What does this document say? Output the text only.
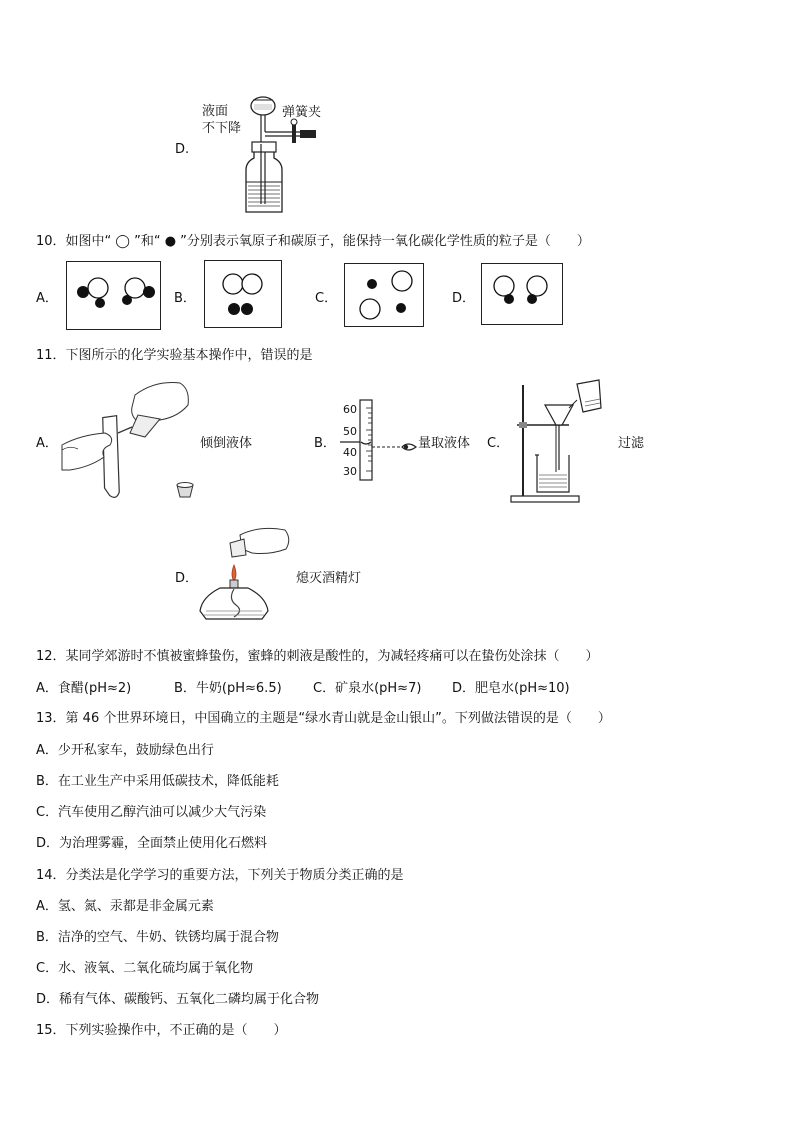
D.
液面
不下降
弹簧夹
10．如图中“ ◯ ”和“ ● ”分别表示氧原子和碳原子，能保持一氧化碳化学性质的粒子是（　　）
A．	B．	C．	D．
11．下图所示的化学实验基本操作中，错误的是
A．	倾倒液体	B．
60
50
40
30
量取液体 C．	过滤
D．	熄灭酒精灯
12．某同学郊游时不慎被蜜蜂蛰伤，蜜蜂的刺液是酸性的，为减轻疼痛可以在蛰伤处涂抹（　　）
A．食醋(pH≈2)	B．牛奶(pH≈6.5) C．矿泉水(pH≈7) D．肥皂水(pH≈10)
13．第 46 个世界环境日，中国确立的主题是“绿水青山就是金山银山”。下列做法错误的是（　　）
A．少开私家车，鼓励绿色出行
B．在工业生产中采用低碳技术，降低能耗
C．汽车使用乙醇汽油可以减少大气污染
D．为治理雾霾，全面禁止使用化石燃料
14．分类法是化学学习的重要方法，下列关于物质分类正确的是
A．氢、氮、汞都是非金属元素
B．洁净的空气、牛奶、铁锈均属于混合物
C．水、液氧、二氧化硫均属于氧化物
D．稀有气体、碳酸钙、五氧化二磷均属于化合物
15．下列实验操作中，不正确的是（　　）
